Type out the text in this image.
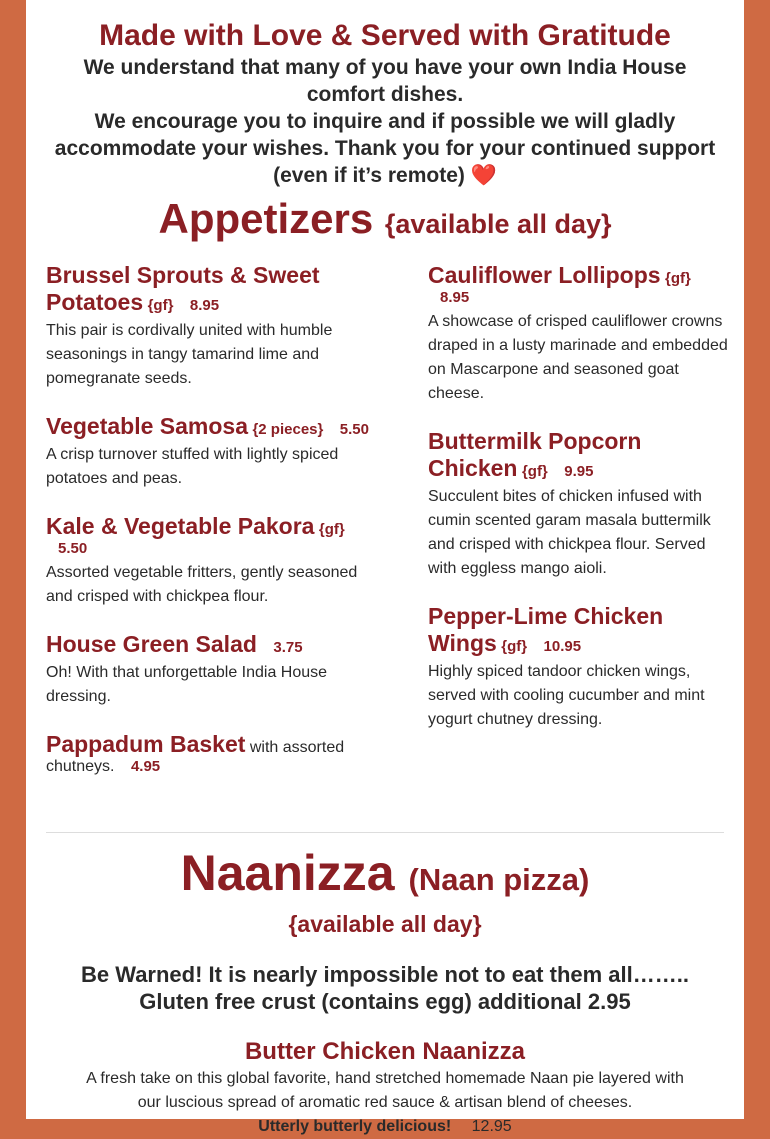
Made with Love & Served with Gratitude
We understand that many of you have your own India House comfort dishes.
We encourage you to inquire and if possible we will gladly accommodate your wishes. Thank you for your continued support (even if it’s remote) ❤️
Appetizers {available all day}
Brussel Sprouts & Sweet Potatoes {gf} 8.95
This pair is cordivally united with humble seasonings in tangy tamarind lime and pomegranate seeds.
Vegetable Samosa {2 pieces} 5.50
A crisp turnover stuffed with lightly spiced potatoes and peas.
Kale & Vegetable Pakora {gf} 5.50
Assorted vegetable fritters, gently seasoned and crisped with chickpea flour.
House Green Salad 3.75
Oh! With that unforgettable India House dressing.
Pappadum Basket with assorted chutneys. 4.95
Cauliflower Lollipops {gf} 8.95
A showcase of crisped cauliflower crowns draped in a lusty marinade and embedded on Mascarpone and seasoned goat cheese.
Buttermilk Popcorn Chicken {gf} 9.95
Succulent bites of chicken infused with cumin scented garam masala buttermilk and crisped with chickpea flour. Served with eggless mango aioli.
Pepper-Lime Chicken Wings {gf} 10.95
Highly spiced tandoor chicken wings, served with cooling cucumber and mint yogurt chutney dressing.
Naanizza (Naan pizza)
{available all day}
Be Warned! It is nearly impossible not to eat them all……..
Gluten free crust (contains egg) additional 2.95
Butter Chicken Naanizza
A fresh take on this global favorite, hand stretched homemade Naan pie layered with our luscious spread of aromatic red sauce & artisan blend of cheeses.
Utterly butterly delicious! 12.95
